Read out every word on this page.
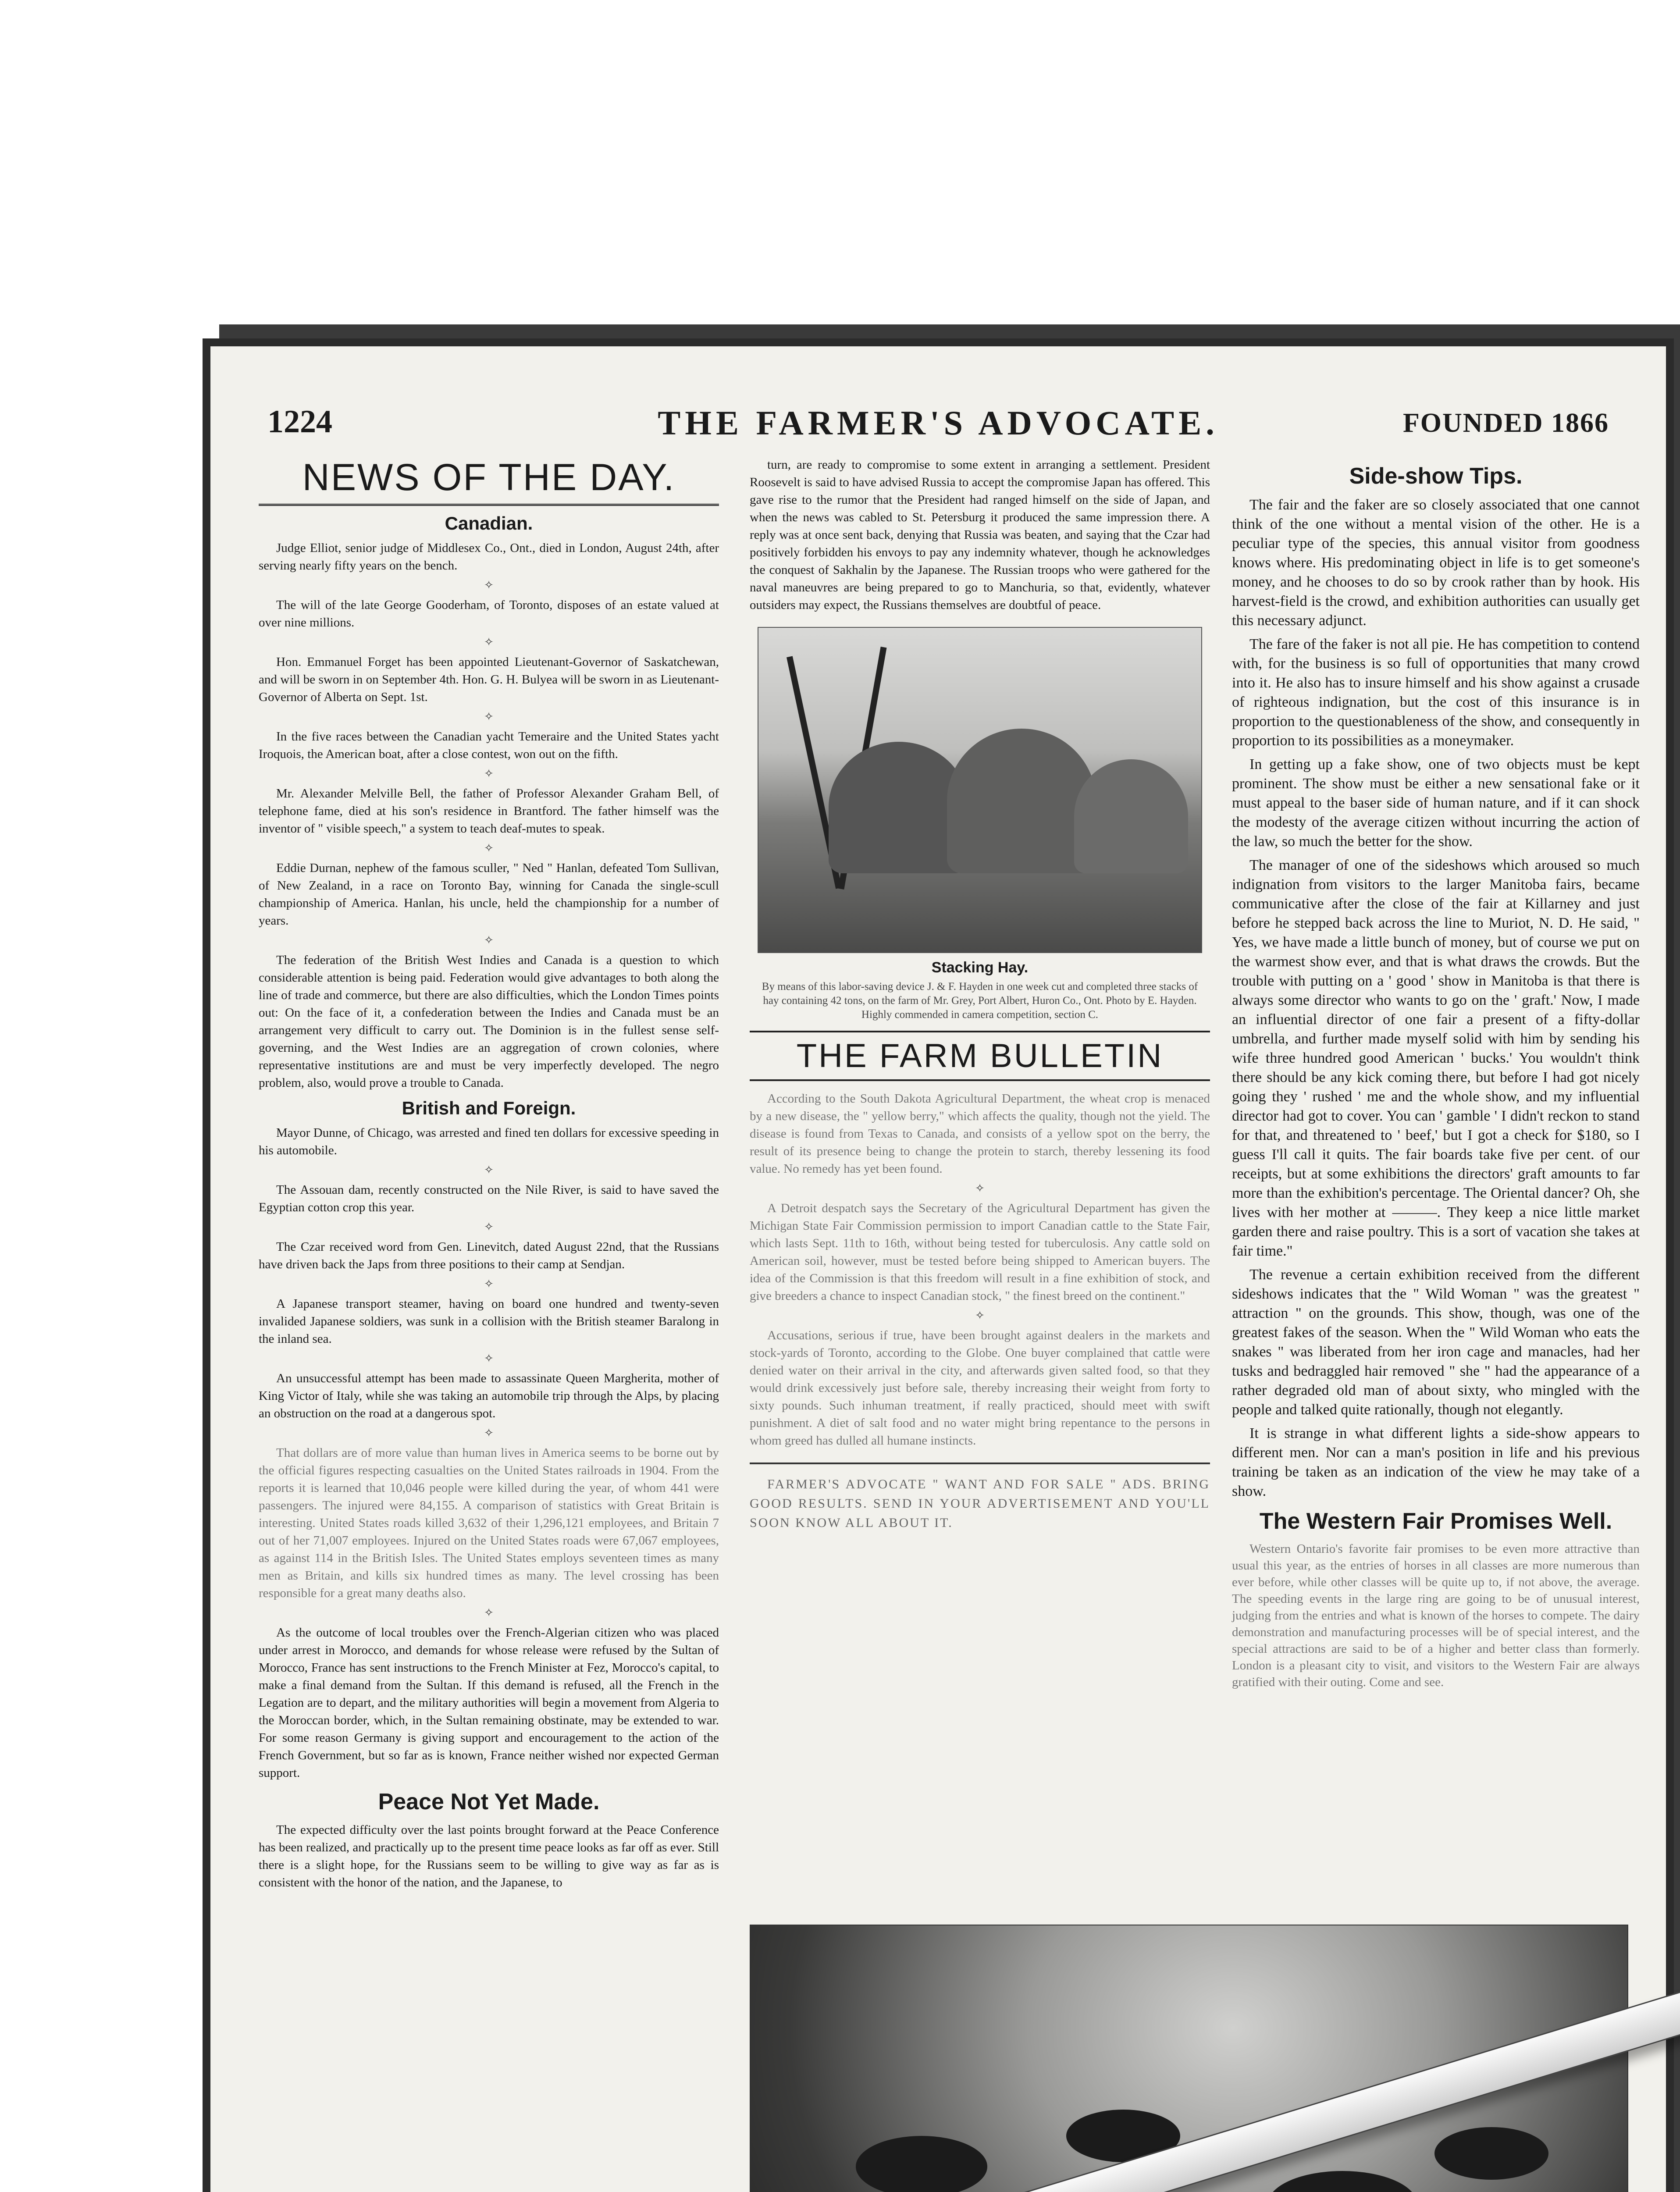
1224	THE FARMER'S ADVOCATE.	FOUNDED 1866
NEWS OF THE DAY.
Canadian.

Judge Elliot, senior judge of Middlesex Co., Ont., died in London, August 24th, after serving nearly fifty years on the bench.

✧

The will of the late George Gooderham, of Toronto, disposes of an estate valued at over nine millions.

✧

Hon. Emmanuel Forget has been appointed Lieutenant-Governor of Saskatchewan, and will be sworn in on September 4th. Hon. G. H. Bulyea will be sworn in as Lieutenant-Governor of Alberta on Sept. 1st.

✧

In the five races between the Canadian yacht Temeraire and the United States yacht Iroquois, the American boat, after a close contest, won out on the fifth.

✧

Mr. Alexander Melville Bell, the father of Professor Alexander Graham Bell, of telephone fame, died at his son's residence in Brantford. The father himself was the inventor of " visible speech," a system to teach deaf-mutes to speak.

✧

Eddie Durnan, nephew of the famous sculler, " Ned " Hanlan, defeated Tom Sullivan, of New Zealand, in a race on Toronto Bay, winning for Canada the single-scull championship of America. Hanlan, his uncle, held the championship for a number of years.

✧

The federation of the British West Indies and Canada is a question to which considerable attention is being paid. Federation would give advantages to both along the line of trade and commerce, but there are also difficulties, which the London Times points out: On the face of it, a confederation between the Indies and Canada must be an arrangement very difficult to carry out. The Dominion is in the fullest sense self-governing, and the West Indies are an aggregation of crown colonies, where representative institutions are and must be very imperfectly developed. The negro problem, also, would prove a trouble to Canada.

British and Foreign.

Mayor Dunne, of Chicago, was arrested and fined ten dollars for excessive speeding in his automobile.

✧

The Assouan dam, recently constructed on the Nile River, is said to have saved the Egyptian cotton crop this year.

✧

The Czar received word from Gen. Linevitch, dated August 22nd, that the Russians have driven back the Japs from three positions to their camp at Sendjan.

✧

A Japanese transport steamer, having on board one hundred and twenty-seven invalided Japanese soldiers, was sunk in a collision with the British steamer Baralong in the inland sea.

✧

An unsuccessful attempt has been made to assassinate Queen Margherita, mother of King Victor of Italy, while she was taking an automobile trip through the Alps, by placing an obstruction on the road at a dangerous spot.

✧

That dollars are of more value than human lives in America seems to be borne out by the official figures respecting casualties on the United States railroads in 1904. From the reports it is learned that 10,046 people were killed during the year, of whom 441 were passengers. The injured were 84,155. A comparison of statistics with Great Britain is interesting. United States roads killed 3,632 of their 1,296,121 employees, and Britain 7 out of her 71,007 employees. Injured on the United States roads were 67,067 employees, as against 114 in the British Isles. The United States employs seventeen times as many men as Britain, and kills six hundred times as many. The level crossing has been responsible for a great many deaths also.

✧

As the outcome of local troubles over the French-Algerian citizen who was placed under arrest in Morocco, and demands for whose release were refused by the Sultan of Morocco, France has sent instructions to the French Minister at Fez, Morocco's capital, to make a final demand from the Sultan. If this demand is refused, all the French in the Legation are to depart, and the military authorities will begin a movement from Algeria to the Moroccan border, which, in the Sultan remaining obstinate, may be extended to war. For some reason Germany is giving support and encouragement to the action of the French Government, but so far as is known, France neither wished nor expected German support.

Peace Not Yet Made.

The expected difficulty over the last points brought forward at the Peace Conference has been realized, and practically up to the present time peace looks as far off as ever. Still there is a slight hope, for the Russians seem to be willing to give way as far as is consistent with the honor of the nation, and the Japanese, to

turn, are ready to compromise to some extent in arranging a settlement. President Roosevelt is said to have advised Russia to accept the compromise Japan has offered. This gave rise to the rumor that the President had ranged himself on the side of Japan, and when the news was cabled to St. Petersburg it produced the same impression there. A reply was at once sent back, denying that Russia was beaten, and saying that the Czar had positively forbidden his envoys to pay any indemnity whatever, though he acknowledges the conquest of Sakhalin by the Japanese. The Russian troops who were gathered for the naval maneuvres are being prepared to go to Manchuria, so that, evidently, whatever outsiders may expect, the Russians themselves are doubtful of peace.

Stacking Hay.

By means of this labor-saving device J. & F. Hayden in one week cut and completed three stacks of hay containing 42 tons, on the farm of Mr. Grey, Port Albert, Huron Co., Ont. Photo by E. Hayden. Highly commended in camera competition, section C.

THE FARM BULLETIN

According to the South Dakota Agricultural Department, the wheat crop is menaced by a new disease, the " yellow berry," which affects the quality, though not the yield. The disease is found from Texas to Canada, and consists of a yellow spot on the berry, the result of its presence being to change the protein to starch, thereby lessening its food value. No remedy has yet been found.

✧

A Detroit despatch says the Secretary of the Agricultural Department has given the Michigan State Fair Commission permission to import Canadian cattle to the State Fair, which lasts Sept. 11th to 16th, without being tested for tuberculosis. Any cattle sold on American soil, however, must be tested before being shipped to American buyers. The idea of the Commission is that this freedom will result in a fine exhibition of stock, and give breeders a chance to inspect Canadian stock, " the finest breed on the continent."

✧

Accusations, serious if true, have been brought against dealers in the markets and stock-yards of Toronto, according to the Globe. One buyer complained that cattle were denied water on their arrival in the city, and afterwards given salted food, so that they would drink excessively just before sale, thereby increasing their weight from forty to sixty pounds. Such inhuman treatment, if really practiced, should meet with swift punishment. A diet of salt food and no water might bring repentance to the persons in whom greed has dulled all humane instincts.

FARMER'S ADVOCATE " WANT AND FOR SALE " ADS. BRING GOOD RESULTS. SEND IN YOUR ADVERTISEMENT AND YOU'LL SOON KNOW ALL ABOUT IT.

Side-show Tips.

The fair and the faker are so closely associated that one cannot think of the one without a mental vision of the other. He is a peculiar type of the species, this annual visitor from goodness knows where. His predominating object in life is to get someone's money, and he chooses to do so by crook rather than by hook. His harvest-field is the crowd, and exhibition authorities can usually get this necessary adjunct.

The fare of the faker is not all pie. He has competition to contend with, for the business is so full of opportunities that many crowd into it. He also has to insure himself and his show against a crusade of righteous indignation, but the cost of this insurance is in proportion to the questionableness of the show, and consequently in proportion to its possibilities as a moneymaker.

In getting up a fake show, one of two objects must be kept prominent. The show must be either a new sensational fake or it must appeal to the baser side of human nature, and if it can shock the modesty of the average citizen without incurring the action of the law, so much the better for the show.

The manager of one of the sideshows which aroused so much indignation from visitors to the larger Manitoba fairs, became communicative after the close of the fair at Killarney and just before he stepped back across the line to Muriot, N. D. He said, " Yes, we have made a little bunch of money, but of course we put on the warmest show ever, and that is what draws the crowds. But the trouble with putting on a ' good ' show in Manitoba is that there is always some director who wants to go on the ' graft.' Now, I made an influential director of one fair a present of a fifty-dollar umbrella, and further made myself solid with him by sending his wife three hundred good American ' bucks.' You wouldn't think there should be any kick coming there, but before I had got nicely going they ' rushed ' me and the whole show, and my influential director had got to cover. You can ' gamble ' I didn't reckon to stand for that, and threatened to ' beef,' but I got a check for $180, so I guess I'll call it quits. The fair boards take five per cent. of our receipts, but at some exhibitions the directors' graft amounts to far more than the exhibition's percentage. The Oriental dancer? Oh, she lives with her mother at ———. They keep a nice little market garden there and raise poultry. This is a sort of vacation she takes at fair time."

The revenue a certain exhibition received from the different sideshows indicates that the " Wild Woman " was the greatest " attraction " on the grounds. This show, though, was one of the greatest fakes of the season. When the " Wild Woman who eats the snakes " was liberated from her iron cage and manacles, had her tusks and bedraggled hair removed " she " had the appearance of a rather degraded old man of about sixty, who mingled with the people and talked quite rationally, though not elegantly.

It is strange in what different lights a side-show appears to different men. Nor can a man's position in life and his previous training be taken as an indication of the view he may take of a show.

The Western Fair Promises Well.

Western Ontario's favorite fair promises to be even more attractive than usual this year, as the entries of horses in all classes are more numerous than ever before, while other classes will be quite up to, if not above, the average. The speeding events in the large ring are going to be of unusual interest, judging from the entries and what is known of the horses to compete. The dairy demonstration and manufacturing processes will be of special interest, and the special attractions are said to be of a higher and better class than formerly. London is a pleasant city to visit, and visitors to the Western Fair are always gratified with their outing. Come and see.
